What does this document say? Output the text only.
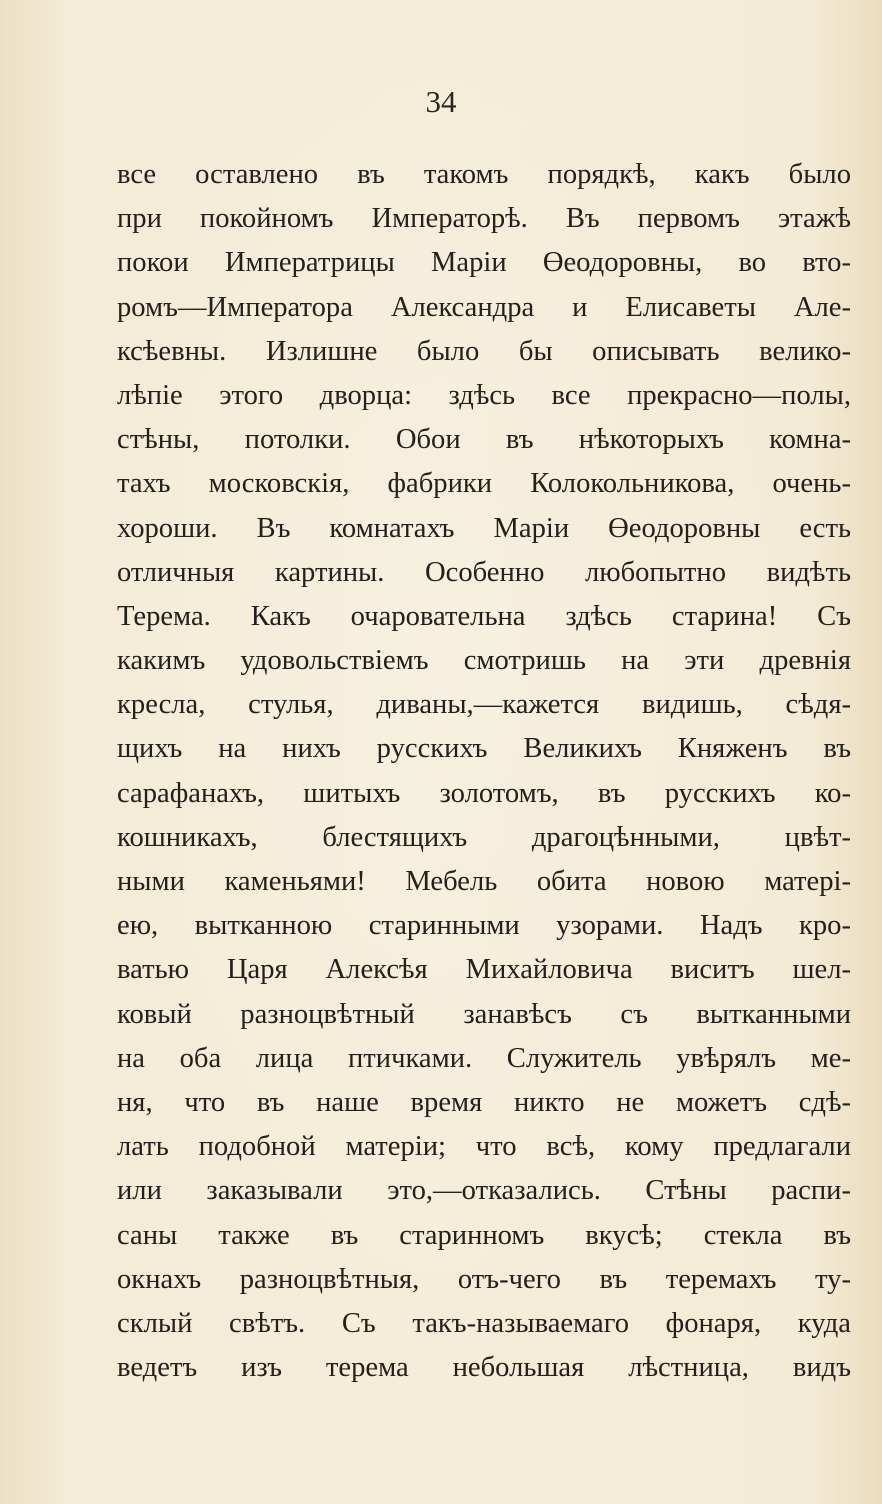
34
все оставлено въ такомъ порядкѣ, какъ было
при покойномъ Императорѣ. Въ первомъ этажѣ
покои Императрицы Марiи Өеодоровны, во вто-
ромъ—Императора Александра и Елисаветы Але-
ксѣевны. Излишне было бы описывать велико-
лѣпiе этого дворца: здѣсь все прекрасно—полы,
стѣны, потолки. Обои въ нѣкоторыхъ комна-
тахъ московскiя, фабрики Колокольникова, очень-
хороши. Въ комнатахъ Марiи Өеодоровны есть
отличныя картины. Особенно любопытно видѣть
Терема. Какъ очаровательна здѣсь старина! Съ
какимъ удовольствiемъ смотришь на эти древнiя
кресла, стулья, диваны,—кажется видишь, сѣдя-
щихъ на нихъ русскихъ Великихъ Княженъ въ
сарафанахъ, шитыхъ золотомъ, въ русскихъ ко-
кошникахъ, блестящихъ драгоцѣнными, цвѣт-
ными каменьями! Мебель обита новою матерi-
ею, вытканною старинными узорами. Надъ кро-
ватью Царя Алексѣя Михайловича виситъ шел-
ковый разноцвѣтный занавѣсъ съ вытканными
на оба лица птичками. Служитель увѣрялъ ме-
ня, что въ наше время никто не можетъ сдѣ-
лать подобной матерiи; что всѣ, кому предлагали
или заказывали это,—отказались. Стѣны распи-
саны также въ старинномъ вкусѣ; стекла въ
окнахъ разноцвѣтныя, отъ-чего въ теремахъ ту-
склый свѣтъ. Съ такъ-называемаго фонаря, куда
ведетъ изъ терема небольшая лѣстница, видъ
